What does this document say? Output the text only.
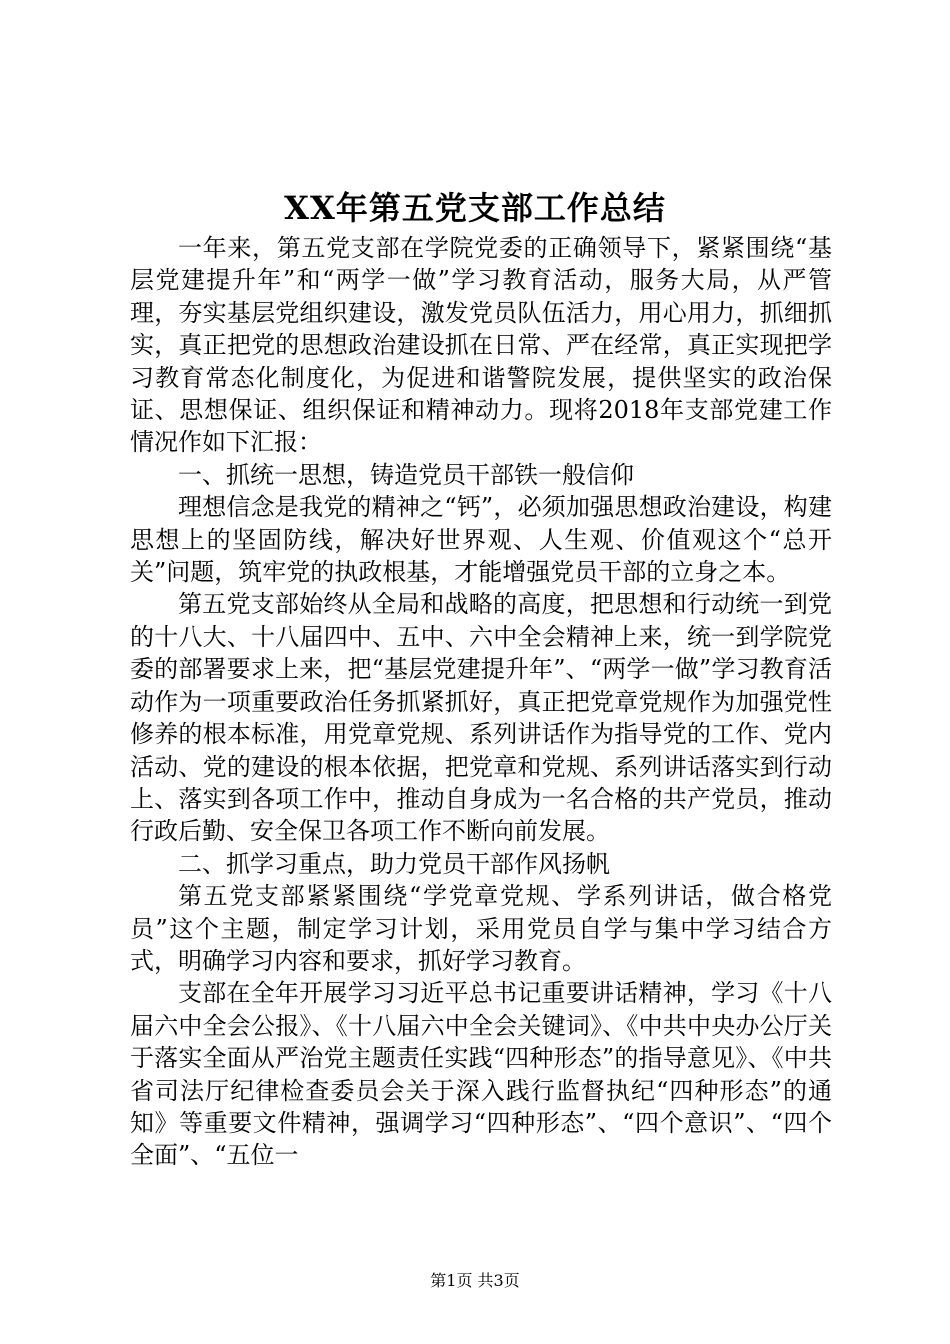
XX年第五党支部工作总结

一年来，第五党支部在学院党委的正确领导下，紧紧围绕“基层党建提升年”和“两学一做”学习教育活动，服务大局，从严管理，夯实基层党组织建设，激发党员队伍活力，用心用力，抓细抓实，真正把党的思想政治建设抓在日常、严在经常，真正实现把学习教育常态化制度化，为促进和谐警院发展，提供坚实的政治保证、思想保证、组织保证和精神动力。现将2018年支部党建工作情况作如下汇报：

一、抓统一思想，铸造党员干部铁一般信仰

理想信念是我党的精神之“钙”，必须加强思想政治建设，构建思想上的坚固防线，解决好世界观、人生观、价值观这个“总开关”问题，筑牢党的执政根基，才能增强党员干部的立身之本。

第五党支部始终从全局和战略的高度，把思想和行动统一到党的十八大、十八届四中、五中、六中全会精神上来，统一到学院党委的部署要求上来，把“基层党建提升年”、“两学一做”学习教育活动作为一项重要政治任务抓紧抓好，真正把党章党规作为加强党性修养的根本标准，用党章党规、系列讲话作为指导党的工作、党内活动、党的建设的根本依据，把党章和党规、系列讲话落实到行动上、落实到各项工作中，推动自身成为一名合格的共产党员，推动行政后勤、安全保卫各项工作不断向前发展。

二、抓学习重点，助力党员干部作风扬帆

第五党支部紧紧围绕“学党章党规、学系列讲话，做合格党员”这个主题，制定学习计划，采用党员自学与集中学习结合方式，明确学习内容和要求，抓好学习教育。

支部在全年开展学习习近平总书记重要讲话精神，学习《十八届六中全会公报》、《十八届六中全会关键词》、《中共中央办公厅关于落实全面从严治党主题责任实践“四种形态”的指导意见》、《中共省司法厅纪律检查委员会关于深入践行监督执纪“四种形态”的通知》等重要文件精神，强调学习“四种形态”、“四个意识”、“四个全面”、“五位一

第1页 共3页
